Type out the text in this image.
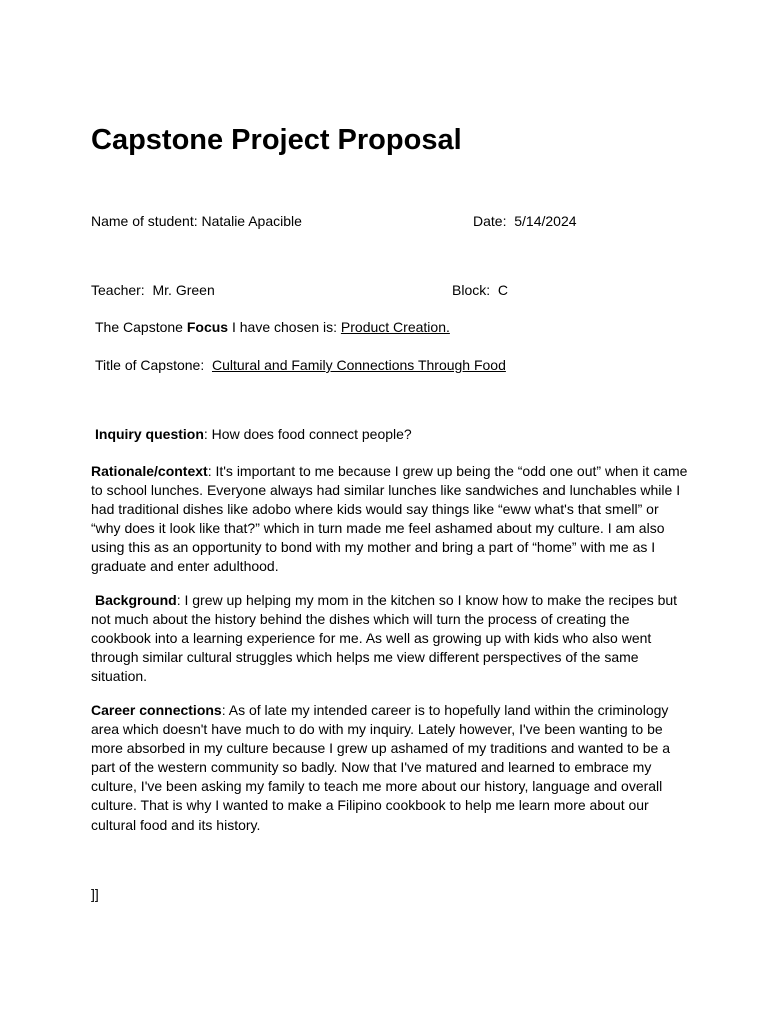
Capstone Project Proposal

Name of student: Natalie Apacible	Date:  5/14/2024

Teacher:  Mr. Green	Block:  C

The Capstone Focus I have chosen is: Product Creation.

Title of Capstone:  Cultural and Family Connections Through Food

Inquiry question: How does food connect people?

Rationale/context: It's important to me because I grew up being the “odd one out” when it came to school lunches. Everyone always had similar lunches like sandwiches and lunchables while I had traditional dishes like adobo where kids would say things like “eww what's that smell” or “why does it look like that?” which in turn made me feel ashamed about my culture. I am also using this as an opportunity to bond with my mother and bring a part of “home” with me as I graduate and enter adulthood.

Background: I grew up helping my mom in the kitchen so I know how to make the recipes but not much about the history behind the dishes which will turn the process of creating the cookbook into a learning experience for me. As well as growing up with kids who also went through similar cultural struggles which helps me view different perspectives of the same situation.

Career connections: As of late my intended career is to hopefully land within the criminology area which doesn't have much to do with my inquiry. Lately however, I've been wanting to be more absorbed in my culture because I grew up ashamed of my traditions and wanted to be a part of the western community so badly. Now that I've matured and learned to embrace my culture, I've been asking my family to teach me more about our history, language and overall culture. That is why I wanted to make a Filipino cookbook to help me learn more about our cultural food and its history.

]]
